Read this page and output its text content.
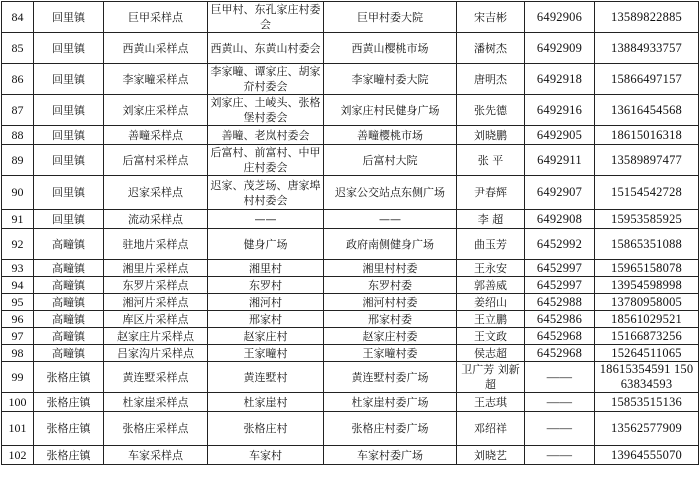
84	回里镇	巨甲采样点	巨甲村、东孔家庄村委会	巨甲村委大院	宋吉彬	6492906	13589822885
85	回里镇	西黄山采样点	西黄山、东黄山村委会	西黄山樱桃市场	潘树杰	6492909	13884933757
86	回里镇	李家疃采样点	李家疃、谭家庄、胡家夼村委会	李家疃村委大院	唐明杰	6492918	15866497157
87	回里镇	刘家庄采样点	刘家庄、土崚头、张格堡村委会	刘家庄村民健身广场	张先德	6492916	13616454568
88	回里镇	善疃采样点	善疃、老岚村委会	善疃樱桃市场	刘晓鹏	6492905	18615016318
89	回里镇	后富村采样点	后富村、前富村、中甲庄村委会	后富村大院	张 平	6492911	13589897477
90	回里镇	迟家采样点	迟家、茂芝场、唐家埠村村委会	迟家公交站点东侧广场	尹春辉	6492907	15154542728
91	回里镇	流动采样点	——	——	李 超	6492908	15953585925
92	高疃镇	驻地片采样点	健身广场	政府南侧健身广场	曲玉芳	6452992	15865351088
93	高疃镇	湘里片采样点	湘里村	湘里村村委	王永安	6452997	15965158078
94	高疃镇	东罗片采样点	东罗村	东罗村委	郭善威	6452997	13954598998
95	高疃镇	湘河片采样点	湘河村	湘河村村委	姜绍山	6452988	13780958005
96	高疃镇	库区片采样点	邢家村	邢家村委	王立鹏	6452986	18561029521
97	高疃镇	赵家庄片采样点	赵家庄村	赵家庄村委	王文政	6452968	15166873256
98	高疃镇	吕家沟片采样点	王家疃村	王家疃村委	侯志超	6452968	15264511065
99	张格庄镇	黄连墅采样点	黄连墅村	黄连墅村委广场	卫广芳 刘新超	——	18615354591 15063834593
100	张格庄镇	杜家崖采样点	杜家崖村	杜家崖村委广场	王志琪	——	15853515136
101	张格庄镇	张格庄采样点	张格庄村	张格庄村委广场	邓绍祥	——	13562577909
102	张格庄镇	车家采样点	车家村	车家村委广场	刘晓艺	——	13964555070
